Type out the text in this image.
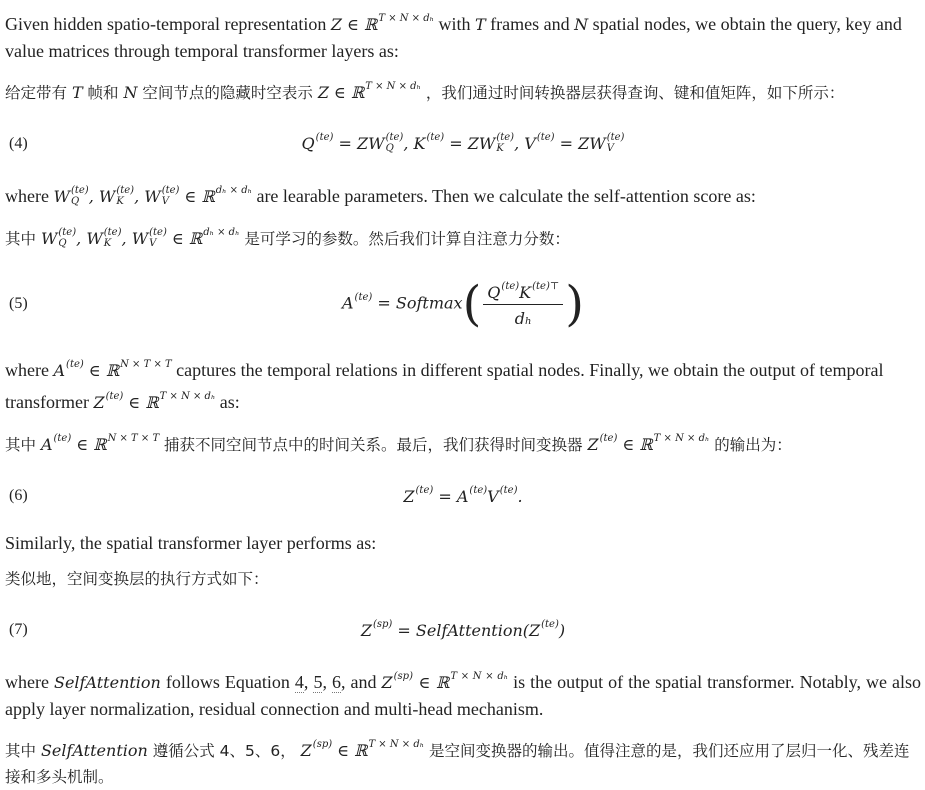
Given hidden spatio-temporal representation Z ∈ ℝ$^{T \times N \times d_h}$ with T frames and N spatial nodes, we obtain the query, key and value matrices through temporal transformer layers as:

给定带有 T 帧和 N 空间节点的隐藏时空表示 Z ∈ ℝ$^{T \times N \times d_h}$ ，我们通过时间转换器层获得查询、键和值矩阵，如下所示：

(4)	$Q^{(te)}$ = ZW (te)
Q , $K^{(te)}$ = ZW (te)
K , $V^{(te)}$ = ZW (te)
V

where W (te)
Q , W (te)
K , W (te)
V ∈ ℝ$^{d_h \times d_h}$ are learable parameters. Then we calculate the self-attention score as:

其中 W (te)
Q , W (te)
K , W (te)
V ∈ ℝ$^{d_h \times d_h}$ 是可学习的参数。然后我们计算自注意力分数：

(5)	$A^{(te)}$ = Softmax( $\frac{Q^{(te)}K^{(te)⊤}}{\text{dₕ}}$ )

where $A^{(te)}$ ∈ ℝ$^{N \times T \times T}$ captures the temporal relations in different spatial nodes. Finally, we obtain the output of temporal transformer $Z^{(te)}$ ∈ ℝ$^{T \times N \times d_h}$ as:

其中 $A^{(te)}$ ∈ ℝ$^{N \times T \times T}$ 捕获不同空间节点中的时间关系。最后，我们获得时间变换器 $Z^{(te)}$ ∈ ℝ$^{T \times N \times d_h}$ 的输出为：

(6)	$Z^{(te)} = A^{(te)}V^{(te)}$.

Similarly, the spatial transformer layer performs as:

类似地，空间变换层的执行方式如下：

(7)	$Z^{(sp)}$ = $SelfAttention(Z^{(te)})$

where SelfAttention follows Equation 4, 5, 6, and $Z^{(sp)}$ ∈ ℝ$^{T \times N \times d_h}$ is the output of the spatial transformer. Notably, we also apply layer normalization, residual connection and multi-head mechanism.

其中 SelfAttention 遵循公式 4、5、6， $Z^{(sp)}$ ∈ ℝ$^{T \times N \times d_h}$ 是空间变换器的输出。值得注意的是，我们还应用了层归一化、残差连接和多头机制。
